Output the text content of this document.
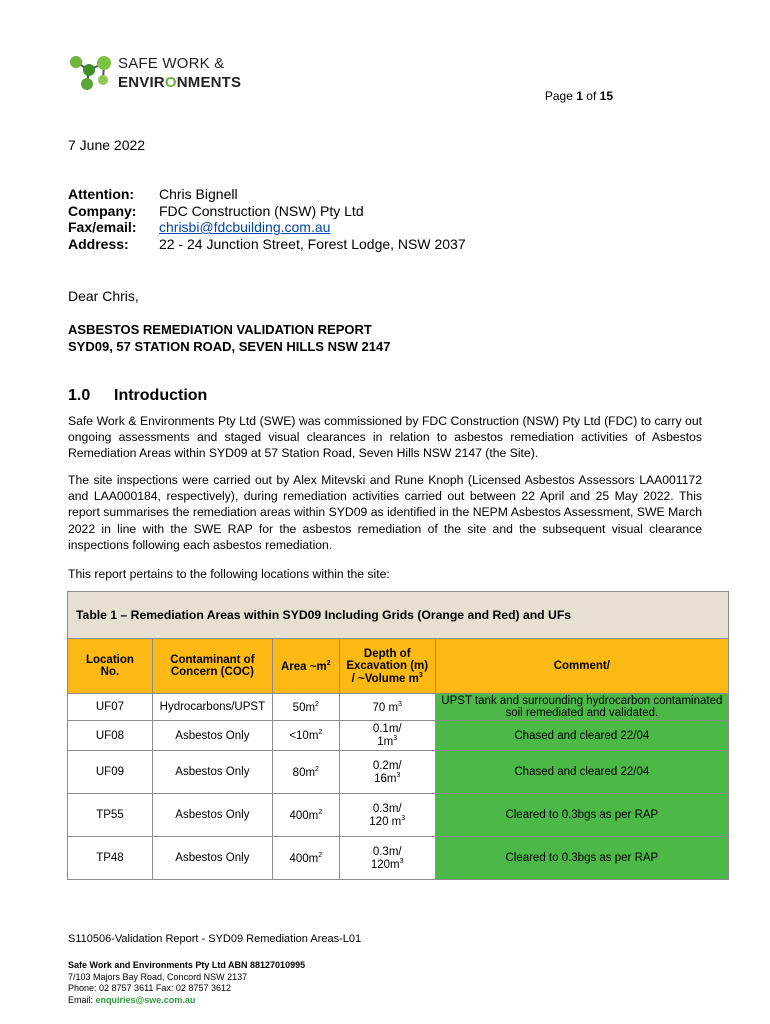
SAFE WORK &
ENVIRONMENTS
Page 1 of 15
7 June 2022
Attention:	Chris Bignell
Company:	FDC Construction (NSW) Pty Ltd
Fax/email:	chrisbi@fdcbuilding.com.au
Address:	22 - 24 Junction Street, Forest Lodge, NSW 2037
Dear Chris,
ASBESTOS REMEDIATION VALIDATION REPORT
SYD09, 57 STATION ROAD, SEVEN HILLS NSW 2147
1.0 Introduction
Safe Work & Environments Pty Ltd (SWE) was commissioned by FDC Construction (NSW) Pty Ltd (FDC) to carry out ongoing assessments and staged visual clearances in relation to asbestos remediation activities of Asbestos Remediation Areas within SYD09 at 57 Station Road, Seven Hills NSW 2147 (the Site).
The site inspections were carried out by Alex Mitevski and Rune Knoph (Licensed Asbestos Assessors LAA001172 and LAA000184, respectively), during remediation activities carried out between 22 April and 25 May 2022. This report summarises the remediation areas within SYD09 as identified in the NEPM Asbestos Assessment, SWE March 2022 in line with the SWE RAP for the asbestos remediation of the site and the subsequent visual clearance inspections following each asbestos remediation.
This report pertains to the following locations within the site:
Table 1 – Remediation Areas within SYD09 Including Grids (Orange and Red) and UFs				
Location
No.	Contaminant of
Concern (COC)	Area $\sim m^2$	Depth of
Excavation (m)
/ ~Volume $m^3$	Comment/
UF07	Hydrocarbons/UPST	$50m^2$	70 $m^3$	UPST tank and surrounding hydrocarbon contaminated soil remediated and validated.
UF08	Asbestos Only	$<10m^2$	0.1m/
$1m^3$	Chased and cleared 22/04
UF09	Asbestos Only	$80m^2$	0.2m/
$16m^3$	Chased and cleared 22/04
TP55	Asbestos Only	$400m^2$	0.3m/
120 $m^3$	Cleared to 0.3bgs as per RAP
TP48	Asbestos Only	$400m^2$	0.3m/
$120m^3$	Cleared to 0.3bgs as per RAP
S110506-Validation Report - SYD09 Remediation Areas-L01
Safe Work and Environments Pty Ltd ABN 88127010995
7/103 Majors Bay Road, Concord NSW 2137
Phone: 02 8757 3611 Fax: 02 8757 3612
Email: enquiries@swe.com.au
